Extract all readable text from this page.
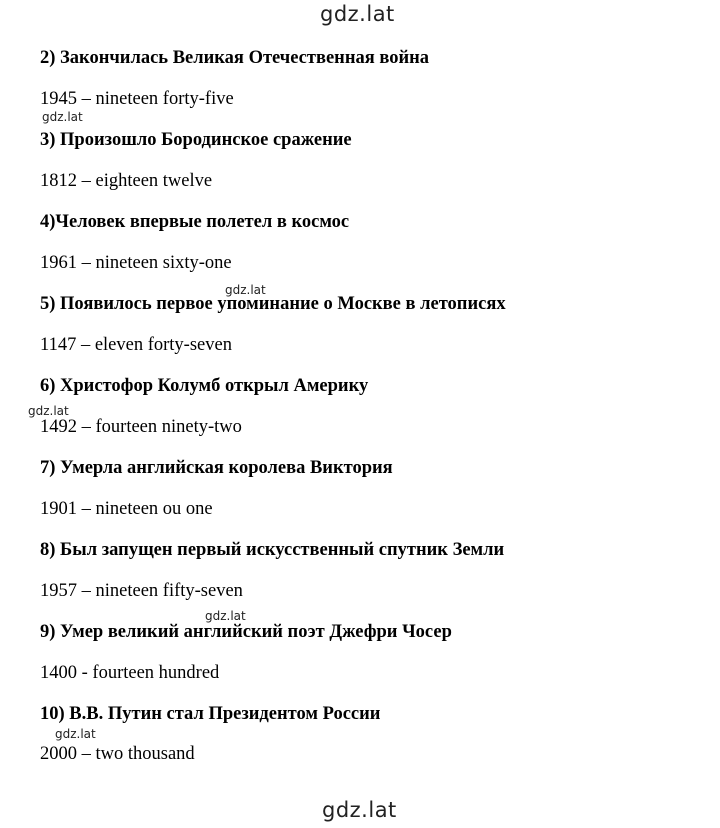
gdz.lat
2) Закончилась Великая Отечественная война
1945 – nineteen forty-five
gdz.lat
3) Произошло Бородинское сражение
1812 – eighteen twelve
4)Человек впервые полетел в космос
1961 – nineteen sixty-one
gdz.lat
5) Появилось первое упоминание о Москве в летописях
1147 – eleven forty-seven
6) Христофор Колумб открыл Америку
gdz.lat
1492 – fourteen ninety-two
7) Умерла английская королева Виктория
1901 – nineteen ou one
8) Был запущен первый искусственный спутник Земли
1957 – nineteen fifty-seven
gdz.lat
9) Умер великий английский поэт Джефри Чосер
1400 - fourteen hundred
10) В.В. Путин стал Президентом России
gdz.lat
2000 – two thousand
gdz.lat
